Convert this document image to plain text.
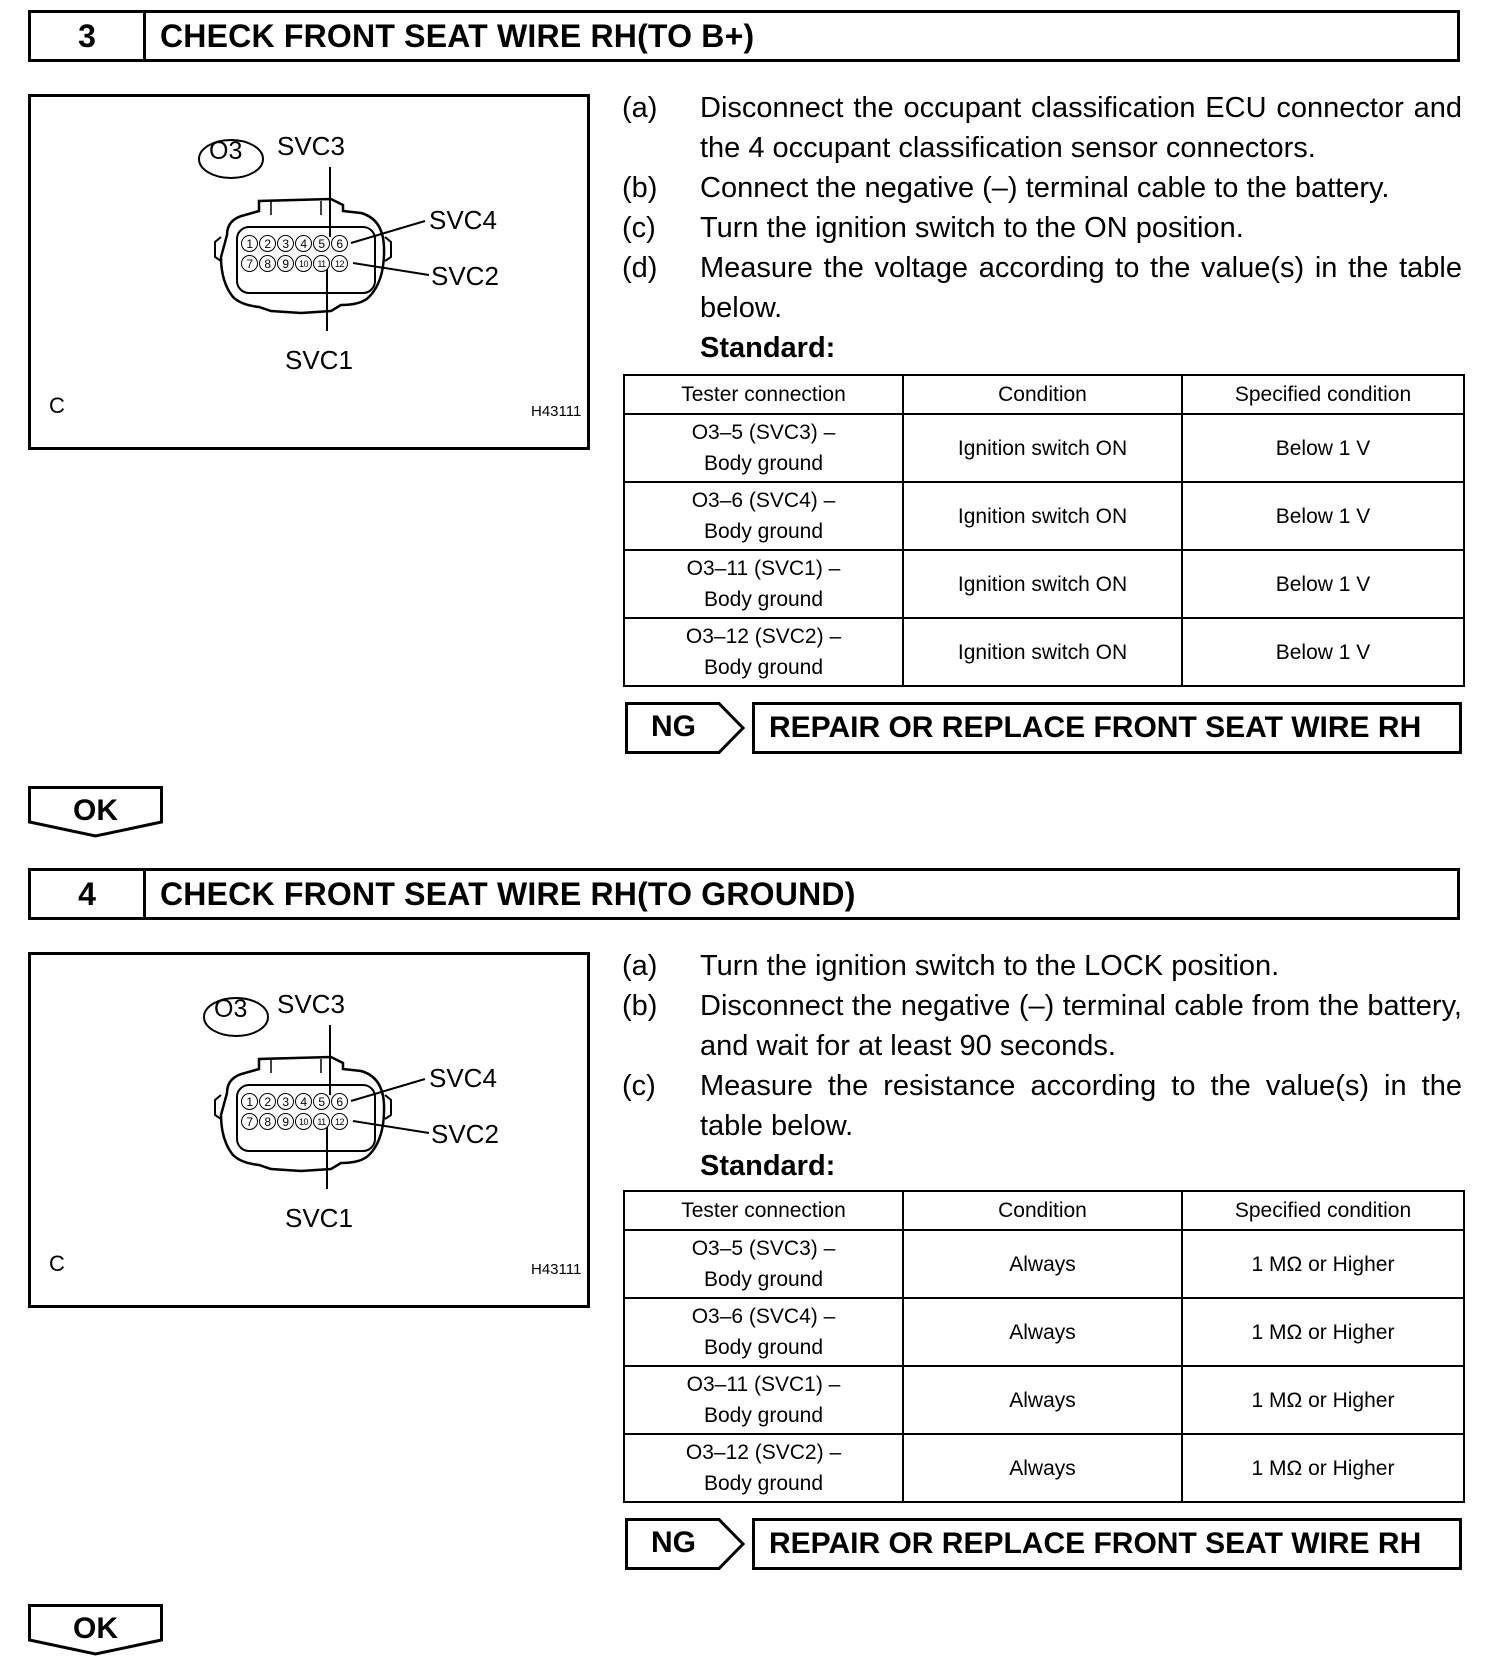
3	CHECK FRONT SEAT WIRE RH(TO B+)
O3 SVC3
SVC4
SVC2
SVC1
C	H43111
1 2 3 4 5 6
7 8 9	10	11	12
(a)	Disconnect the occupant classification ECU connector and the 4 occupant classification sensor connectors.
(b)	Connect the negative (–) terminal cable to the battery.
(c)	Turn the ignition switch to the ON position.
(d)	Measure the voltage according to the value(s) in the table below.
Standard:
Tester connection	Condition	Specified condition

O3–5 (SVC3) –
Body ground	Ignition switch ON	Below 1 V

O3–6 (SVC4) –
Body ground	Ignition switch ON	Below 1 V

O3–11 (SVC1) –
Body ground	Ignition switch ON	Below 1 V

O3–12 (SVC2) –
Body ground	Ignition switch ON	Below 1 V
NG	REPAIR OR REPLACE FRONT SEAT WIRE RH
OK
4	CHECK FRONT SEAT WIRE RH(TO GROUND)
O3 SVC3
SVC4
SVC2
SVC1
C	H43111
1 2 3 4 5 6
7 8 9	10	11	12
(a)	Turn the ignition switch to the LOCK position.
(b)	Disconnect the negative (–) terminal cable from the battery, and wait for at least 90 seconds.
(c)	Measure the resistance according to the value(s) in the table below.
Standard:
Tester connection	Condition	Specified condition

O3–5 (SVC3) –
Body ground	Always	1 MΩ or Higher

O3–6 (SVC4) –
Body ground	Always	1 MΩ or Higher

O3–11 (SVC1) –
Body ground	Always	1 MΩ or Higher

O3–12 (SVC2) –
Body ground	Always	1 MΩ or Higher
NG	REPAIR OR REPLACE FRONT SEAT WIRE RH
OK
